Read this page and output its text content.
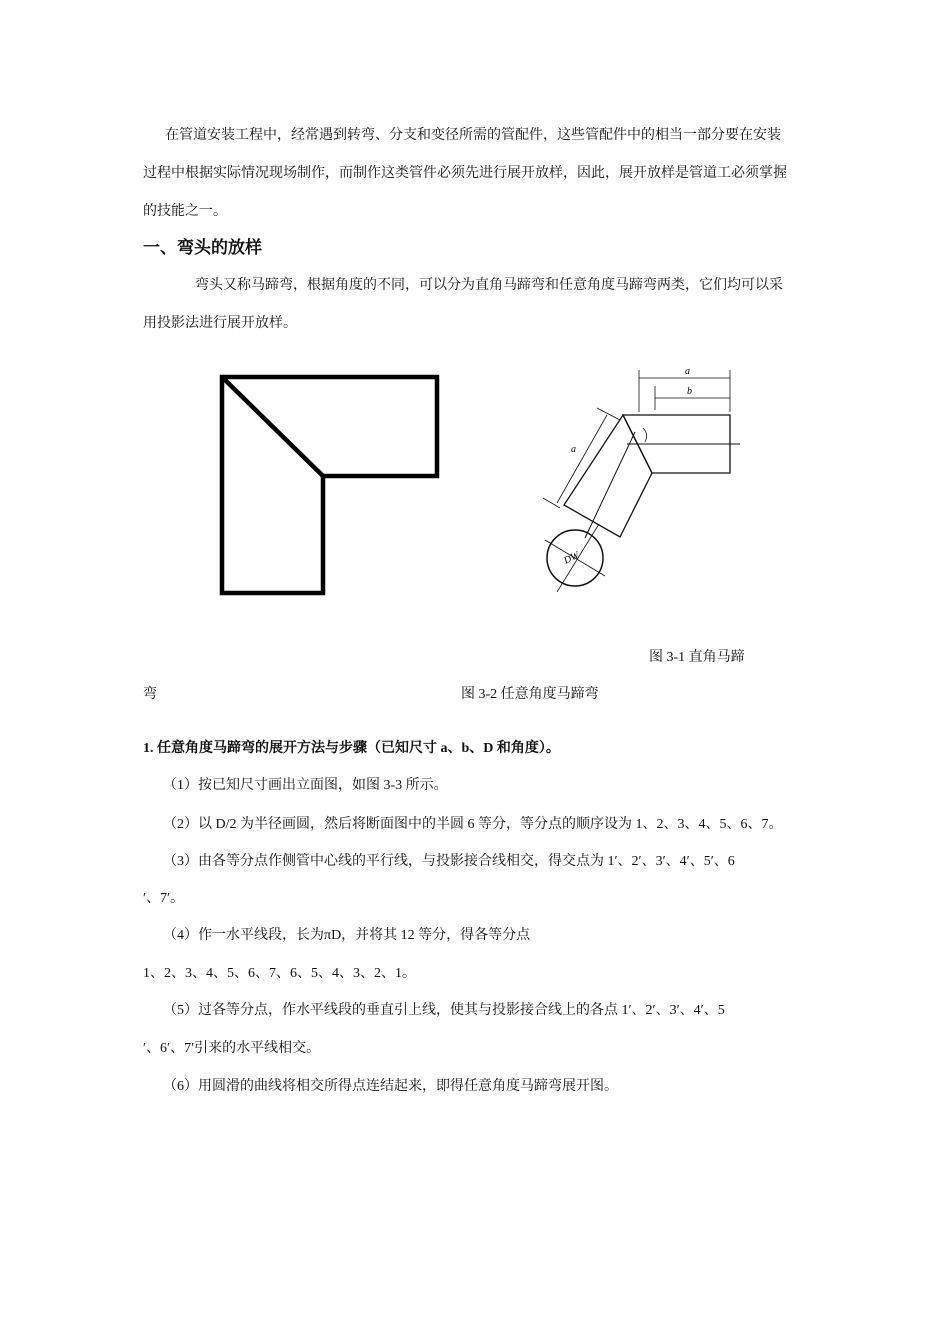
在管道安装工程中，经常遇到转弯、分支和变径所需的管配件，这些管配件中的相当一部分要在安装
过程中根据实际情况现场制作，而制作这类管件必须先进行展开放样，因此，展开放样是管道工必须掌握
的技能之一。
一、弯头的放样
弯头又称马蹄弯，根据角度的不同，可以分为直角马蹄弯和任意角度马蹄弯两类，它们均可以采
用投影法进行展开放样。
a
b
a
DW
图 3-1 直角马蹄
弯	图 3-2 任意角度马蹄弯
1. 任意角度马蹄弯的展开方法与步骤（已知尺寸 a、b、D 和角度）。
（1）按已知尺寸画出立面图，如图 3-3 所示。
（2）以 D/2 为半径画圆，然后将断面图中的半圆 6 等分，等分点的顺序设为 1、2、3、4、5、6、7。
（3）由各等分点作侧管中心线的平行线，与投影接合线相交，得交点为 1′、2′、3′、4′、5′、6
′、7′。
（4）作一水平线段，长为πD，并将其 12 等分，得各等分点
1、2、3、4、5、6、7、6、5、4、3、2、1。
（5）过各等分点，作水平线段的垂直引上线，使其与投影接合线上的各点 1′、2′、3′、4′、5
′、6′、7′引来的水平线相交。
（6）用圆滑的曲线将相交所得点连结起来，即得任意角度马蹄弯展开图。
